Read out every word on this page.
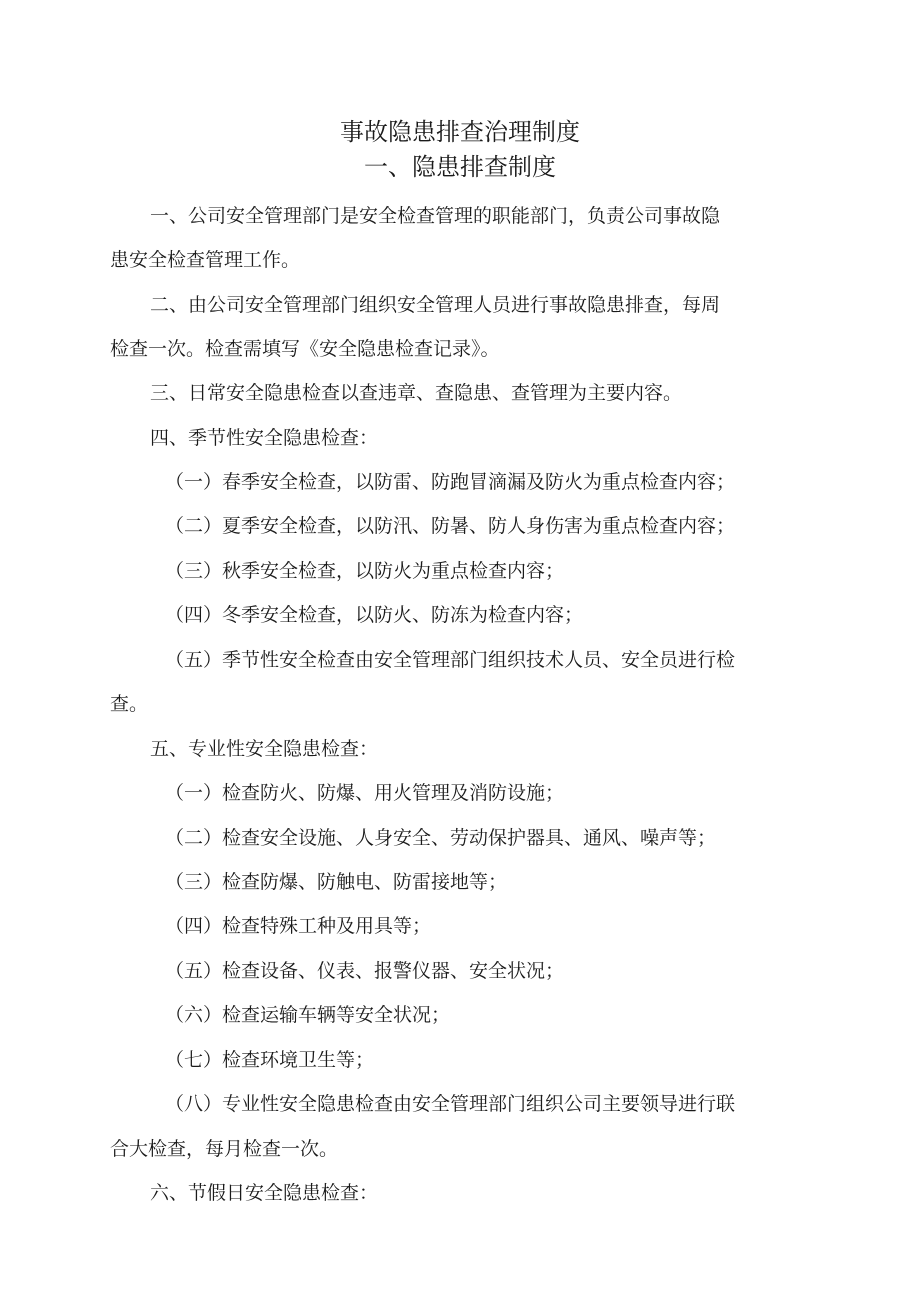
事故隐患排查治理制度
一、隐患排查制度

一、公司安全管理部门是安全检查管理的职能部门，负责公司事故隐

患安全检查管理工作。

二、由公司安全管理部门组织安全管理人员进行事故隐患排查，每周

检查一次。检查需填写《安全隐患检查记录》。

三、日常安全隐患检查以查违章、查隐患、查管理为主要内容。

四、季节性安全隐患检查：

（一）春季安全检查，以防雷、防跑冒滴漏及防火为重点检查内容；

（二）夏季安全检查，以防汛、防暑、防人身伤害为重点检查内容；

（三）秋季安全检查，以防火为重点检查内容；

（四）冬季安全检查，以防火、防冻为检查内容；

（五）季节性安全检查由安全管理部门组织技术人员、安全员进行检

查。

五、专业性安全隐患检查：

（一）检查防火、防爆、用火管理及消防设施；

（二）检查安全设施、人身安全、劳动保护器具、通风、噪声等；

（三）检查防爆、防触电、防雷接地等；

（四）检查特殊工种及用具等；

（五）检查设备、仪表、报警仪器、安全状况；

（六）检查运输车辆等安全状况；

（七）检查环境卫生等；

（八）专业性安全隐患检查由安全管理部门组织公司主要领导进行联

合大检查，每月检查一次。

六、节假日安全隐患检查：
